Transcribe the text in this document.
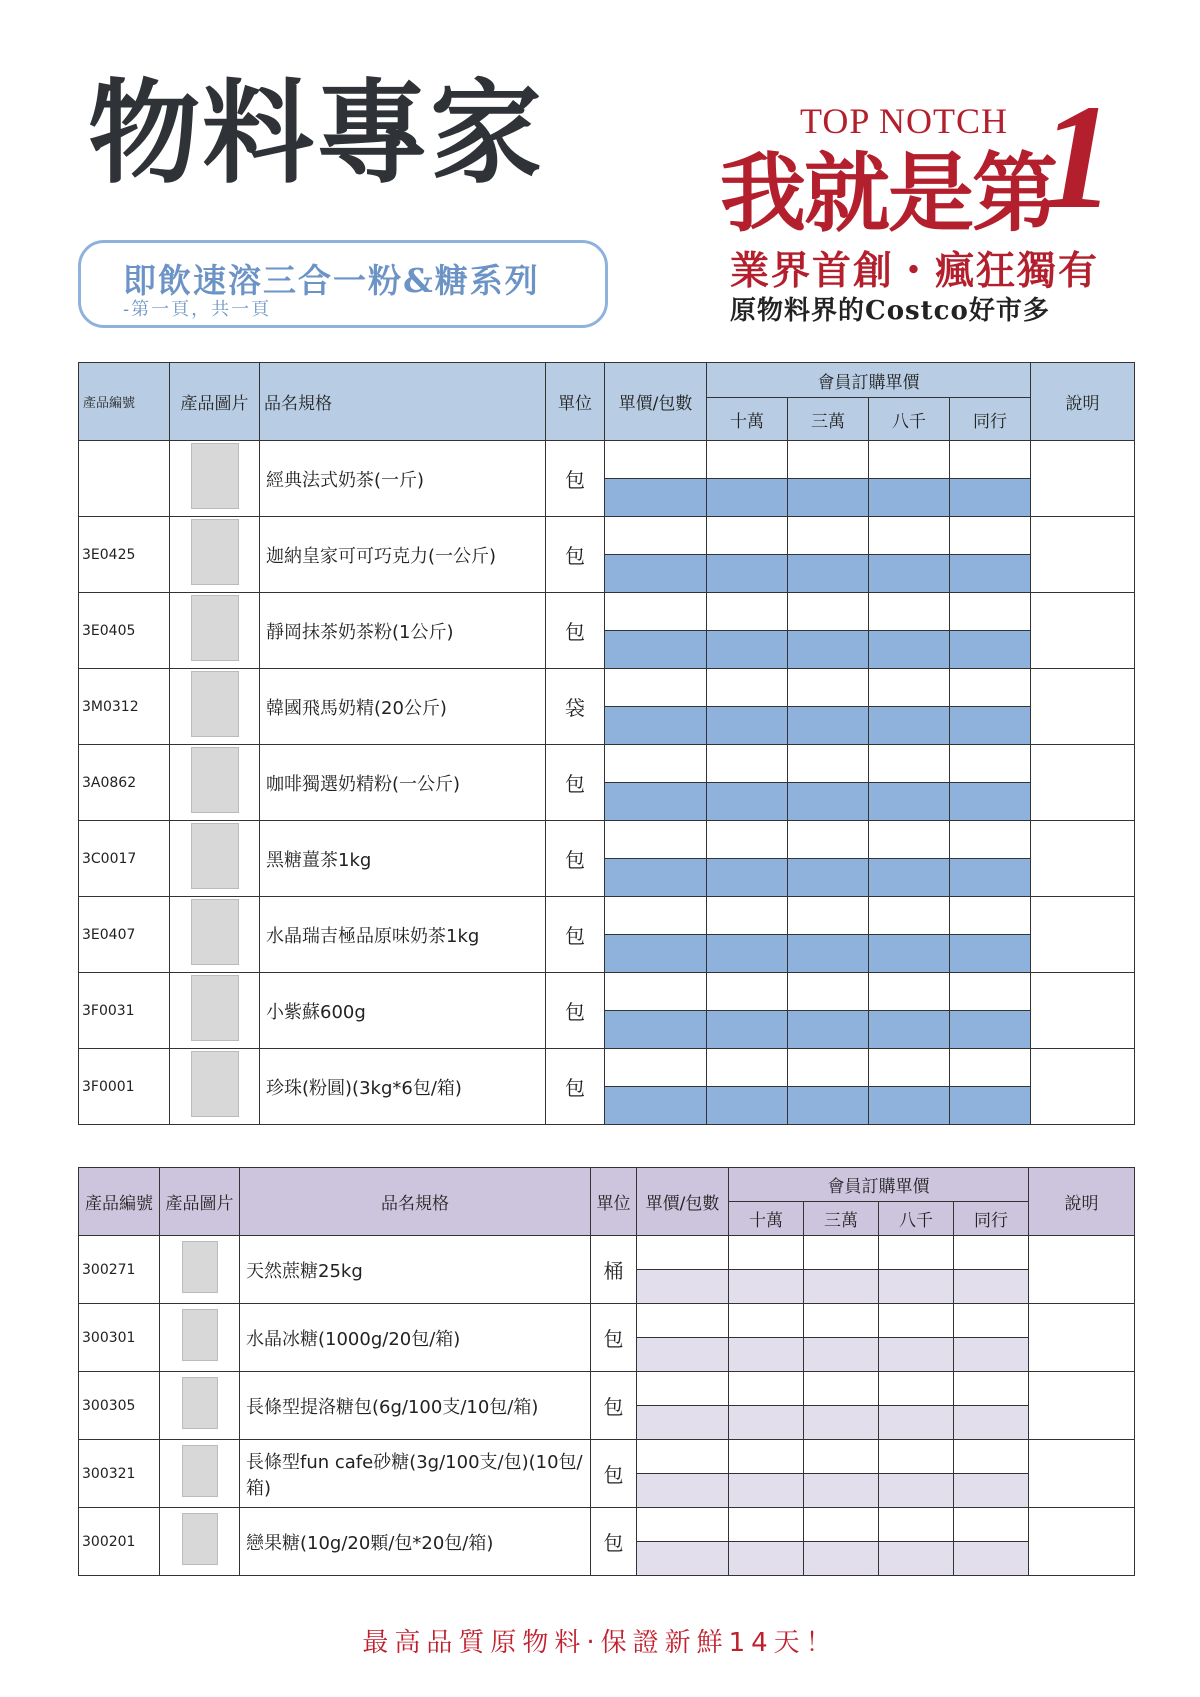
物料專家
即飲速溶三合一粉&糖系列
-第一頁，共一頁
TOP NOTCH
我就是第
1
業界首創・瘋狂獨有
原物料界的Costco好市多
產品編號	產品圖片	品名規格	單位	單價/包數	會員訂購單價				說明
					十萬	三萬	八千	同行	
		經典法式奶茶(一斤)	包						

3E0425		迦納皇家可可巧克力(一公斤)	包						

3E0405		靜岡抹茶奶茶粉(1公斤)	包						

3M0312		韓國飛馬奶精(20公斤)	袋						

3A0862		咖啡獨選奶精粉(一公斤)	包						

3C0017		黑糖薑茶1kg	包						

3E0407		水晶瑞吉極品原味奶茶1kg	包						

3F0031		小紫蘇600g	包						

3F0001		珍珠(粉圓)(3kg*6包/箱)	包						

產品編號	產品圖片	品名規格	單位	單價/包數	會員訂購單價				說明
					十萬	三萬	八千	同行	
300271		天然蔗糖25kg	桶						

300301		水晶冰糖(1000g/20包/箱)	包						

300305		長條型提洛糖包(6g/100支/10包/箱)	包						

300321		長條型fun cafe砂糖(3g/100支/包)(10包/箱)	包						

300201		戀果糖(10g/20顆/包*20包/箱)	包						

最高品質原物料‧保證新鮮14天！
